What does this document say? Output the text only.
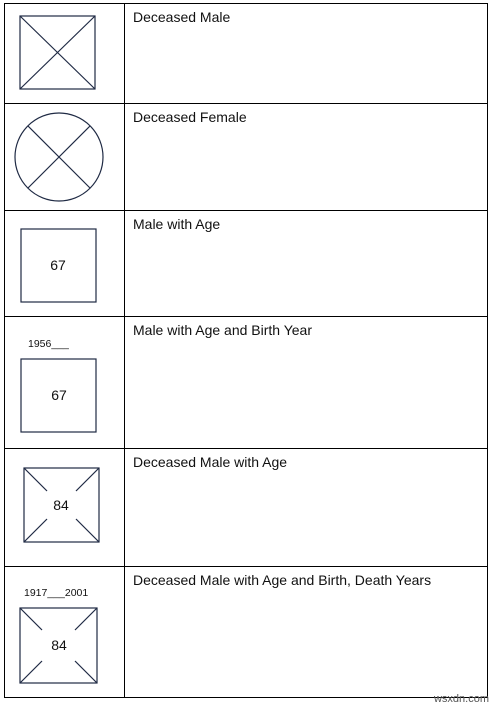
	Deceased Male

	Deceased Female

67	Male with Age

1956___
67	Male with Age and Birth Year

84	Deceased Male with Age

1917___2001
84	Deceased Male with Age and Birth, Death Years
wsxdn.com
